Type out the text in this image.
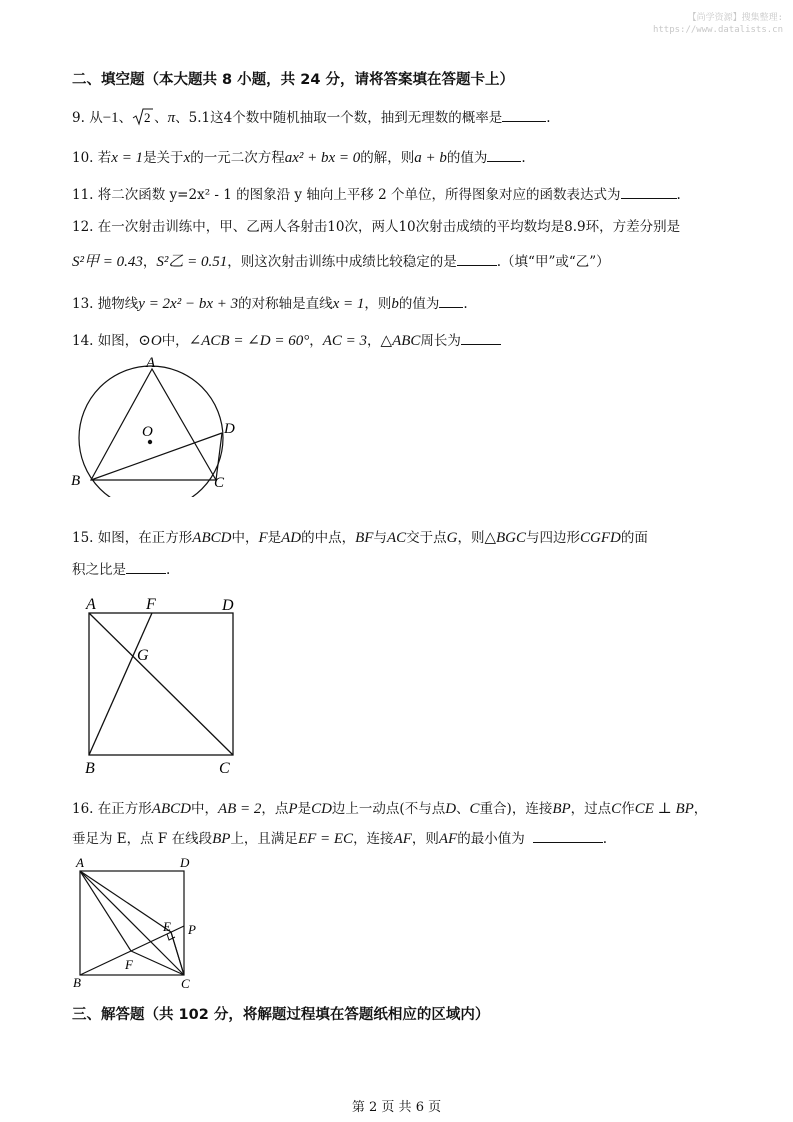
【尚学资源】搜集整理:
https://www.datalists.cn
二、填空题（本大题共 8 小题，共 24 分，请将答案填在答题卡上）
9. 从−1、 2 、π、5.1这4个数中随机抽取一个数，抽到无理数的概率是	.
10. 若x = 1是关于x的一元二次方程ax² + bx = 0的解，则a + b的值为	.
11. 将二次函数 y=2x² - 1 的图象沿 y 轴向上平移 2 个单位，所得图象对应的函数表达式为	.
12. 在一次射击训练中，甲、乙两人各射击10次，两人10次射击成绩的平均数均是8.9环，方差分别是
S²甲 = 0.43，S²乙 = 0.51，则这次射击训练中成绩比较稳定的是	.（填“甲”或“乙”）
13. 抛物线y = 2x² − bx + 3的对称轴是直线x = 1，则b的值为 .
14. 如图，⊙O中，∠ACB = ∠D = 60°，AC = 3，△ABC周长为
A
O	D
B	C
15. 如图，在正方形ABCD中，F是AD的中点，BF与AC交于点G，则△BGC与四边形CGFD的面
积之比是	.
A	F	D
G
B	C
16. 在正方形ABCD中，AB = 2，点P是CD边上一动点(不与点D、C重合)，连接BP，过点C作CE ⊥ BP，
垂足为 E，点 F 在线段BP上，且满足EF = EC，连接AF，则AF的最小值为	.
A	D
E P
F
B	C
三、解答题（共 102 分，将解题过程填在答题纸相应的区域内）
第 2 页 共 6 页
